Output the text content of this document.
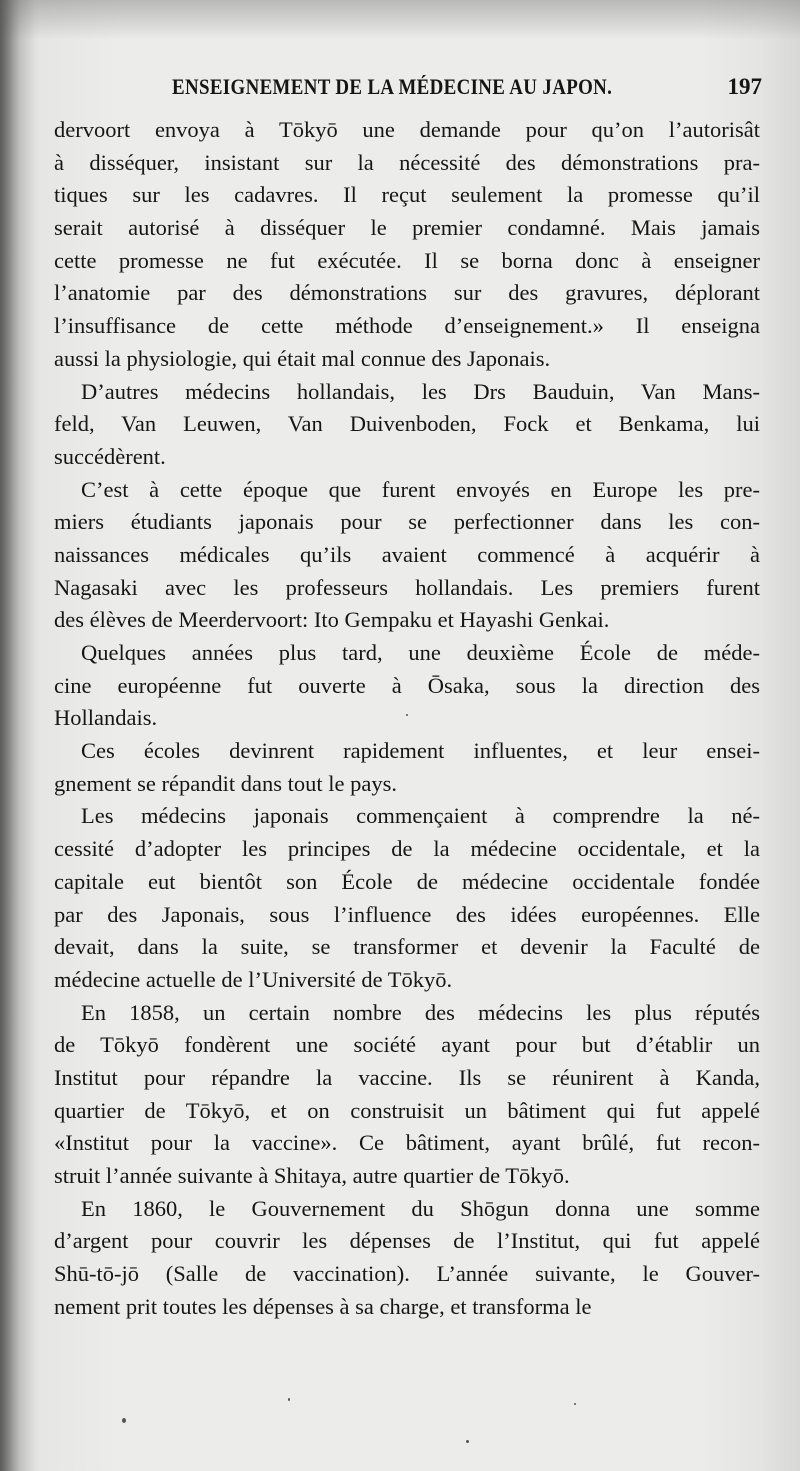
ENSEIGNEMENT DE LA MÉDECINE AU JAPON.	197
dervoort envoya à Tōkyō une demande pour qu’on l’autorisât
à disséquer, insistant sur la nécessité des démonstrations pra-
tiques sur les cadavres. Il reçut seulement la promesse qu’il
serait autorisé à disséquer le premier condamné. Mais jamais
cette promesse ne fut exécutée. Il se borna donc à enseigner
l’anatomie par des démonstrations sur des gravures, déplorant
l’insuffisance de cette méthode d’enseignement.» Il enseigna
aussi la physiologie, qui était mal connue des Japonais.
D’autres médecins hollandais, les Drs Bauduin, Van Mans-
feld, Van Leuwen, Van Duivenboden, Fock et Benkama, lui
succédèrent.
C’est à cette époque que furent envoyés en Europe les pre-
miers étudiants japonais pour se perfectionner dans les con-
naissances médicales qu’ils avaient commencé à acquérir à
Nagasaki avec les professeurs hollandais. Les premiers furent
des élèves de Meerdervoort: Ito Gempaku et Hayashi Genkai.
Quelques années plus tard, une deuxième École de méde-
cine européenne fut ouverte à Ōsaka, sous la direction des
Hollandais.
Ces écoles devinrent rapidement influentes, et leur ensei-
gnement se répandit dans tout le pays.
Les médecins japonais commençaient à comprendre la né-
cessité d’adopter les principes de la médecine occidentale, et la
capitale eut bientôt son École de médecine occidentale fondée
par des Japonais, sous l’influence des idées européennes. Elle
devait, dans la suite, se transformer et devenir la Faculté de
médecine actuelle de l’Université de Tōkyō.
En 1858, un certain nombre des médecins les plus réputés
de Tōkyō fondèrent une société ayant pour but d’établir un
Institut pour répandre la vaccine. Ils se réunirent à Kanda,
quartier de Tōkyō, et on construisit un bâtiment qui fut appelé
«Institut pour la vaccine». Ce bâtiment, ayant brûlé, fut recon-
struit l’année suivante à Shitaya, autre quartier de Tōkyō.
En 1860, le Gouvernement du Shōgun donna une somme
d’argent pour couvrir les dépenses de l’Institut, qui fut appelé
Shū-tō-jō (Salle de vaccination). L’année suivante, le Gouver-
nement prit toutes les dépenses à sa charge, et transforma le
